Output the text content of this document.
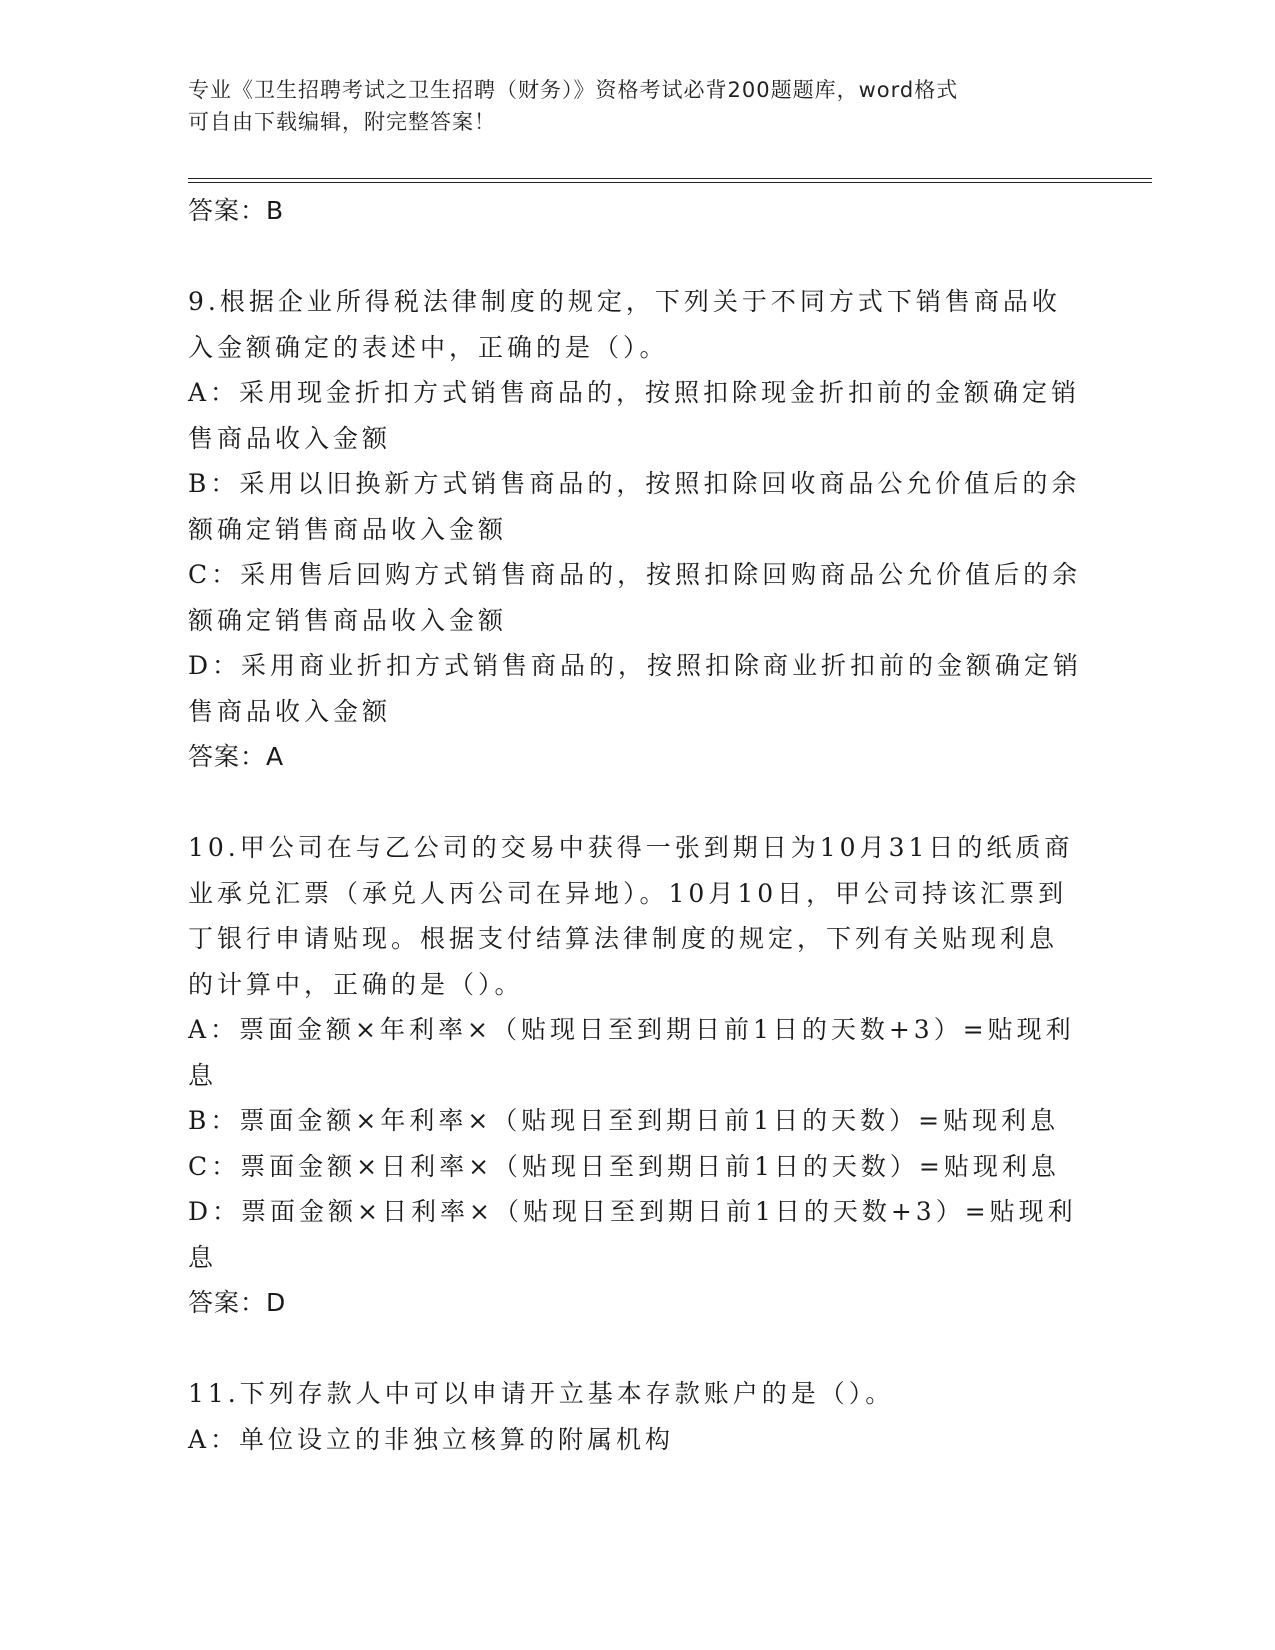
专业《卫生招聘考试之卫生招聘（财务）》资格考试必背200题题库，word格式
可自由下载编辑，附完整答案！

答案：B

9.根据企业所得税法律制度的规定，下列关于不同方式下销售商品收

入金额确定的表述中，正确的是（）。

A：采用现金折扣方式销售商品的，按照扣除现金折扣前的金额确定销

售商品收入金额

B：采用以旧换新方式销售商品的，按照扣除回收商品公允价值后的余

额确定销售商品收入金额

C：采用售后回购方式销售商品的，按照扣除回购商品公允价值后的余

额确定销售商品收入金额

D：采用商业折扣方式销售商品的，按照扣除商业折扣前的金额确定销

售商品收入金额

答案：A

10.甲公司在与乙公司的交易中获得一张到期日为10月31日的纸质商

业承兑汇票（承兑人丙公司在异地）。10月10日，甲公司持该汇票到

丁银行申请贴现。根据支付结算法律制度的规定，下列有关贴现利息

的计算中，正确的是（）。

A：票面金额×年利率×（贴现日至到期日前1日的天数+3）=贴现利

息

B：票面金额×年利率×（贴现日至到期日前1日的天数）=贴现利息

C：票面金额×日利率×（贴现日至到期日前1日的天数）=贴现利息

D：票面金额×日利率×（贴现日至到期日前1日的天数+3）=贴现利

息

答案：D

11.下列存款人中可以申请开立基本存款账户的是（）。

A：单位设立的非独立核算的附属机构
